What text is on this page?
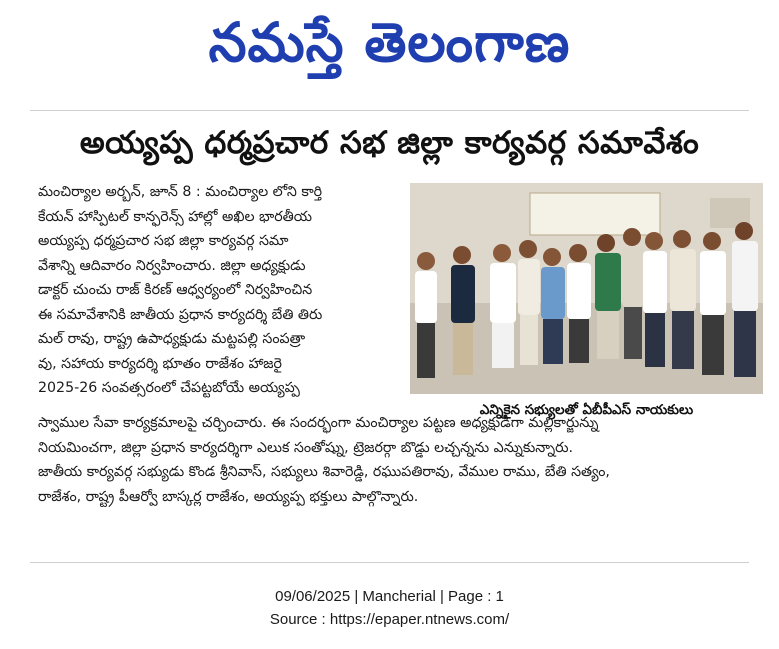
నమస్తే తెలంగాణ
అయ్యప్ప ధర్మప్రచార సభ జిల్లా కార్యవర్గ సమావేశం
మంచిర్యాల అర్బన్, జూన్ 8 : మంచిర్యాల లోని కార్తి
కేయన్ హాస్పిటల్ కాన్ఫరెన్స్ హాల్లో అఖిల భారతీయ
అయ్యప్ప ధర్మప్రచార సభ జిల్లా కార్యవర్గ సమా
వేశాన్ని ఆదివారం నిర్వహించారు. జిల్లా అధ్యక్షుడు
డాక్టర్ చుంచు రాజ్ కిరణ్ ఆధ్వర్యంలో నిర్వహించిన
ఈ సమావేశానికి జాతీయ ప్రధాన కార్యదర్శి బేతి తిరు
మల్ రావు, రాష్ట్ర ఉపాధ్యక్షుడు మట్టపల్లి సంపత్రా
వు, సహాయ కార్యదర్శి భూతం రాజేశం హాజరై
2025-26 సంవత్సరంలో చేపట్టబోయే అయ్యప్ప
ఎన్నికైన సభ్యులతో ఏబీపీఎస్ నాయకులు
స్వాముల సేవా కార్యక్రమాలపై చర్చించారు. ఈ సందర్భంగా మంచిర్యాల పట్టణ అధ్యక్షుడిగా మల్లికార్జున్ను
నియమించగా, జిల్లా ప్రధాన కార్యదర్శిగా ఎలుక సంతోష్ను, ట్రెజరర్గా బొడ్డు లచ్చన్నను ఎన్నుకున్నారు.
జాతీయ కార్యవర్గ సభ్యుడు కొండ శ్రీనివాస్, సభ్యులు శివారెడ్డి, రఘుపతిరావు, వేముల రాము, బేతి సత్యం,
రాజేశం, రాష్ట్ర పీఆర్వో బాస్కర్ల రాజేశం, అయ్యప్ప భక్తులు పాల్గొన్నారు.
09/06/2025 | Mancherial | Page : 1
Source : https://epaper.ntnews.com/
